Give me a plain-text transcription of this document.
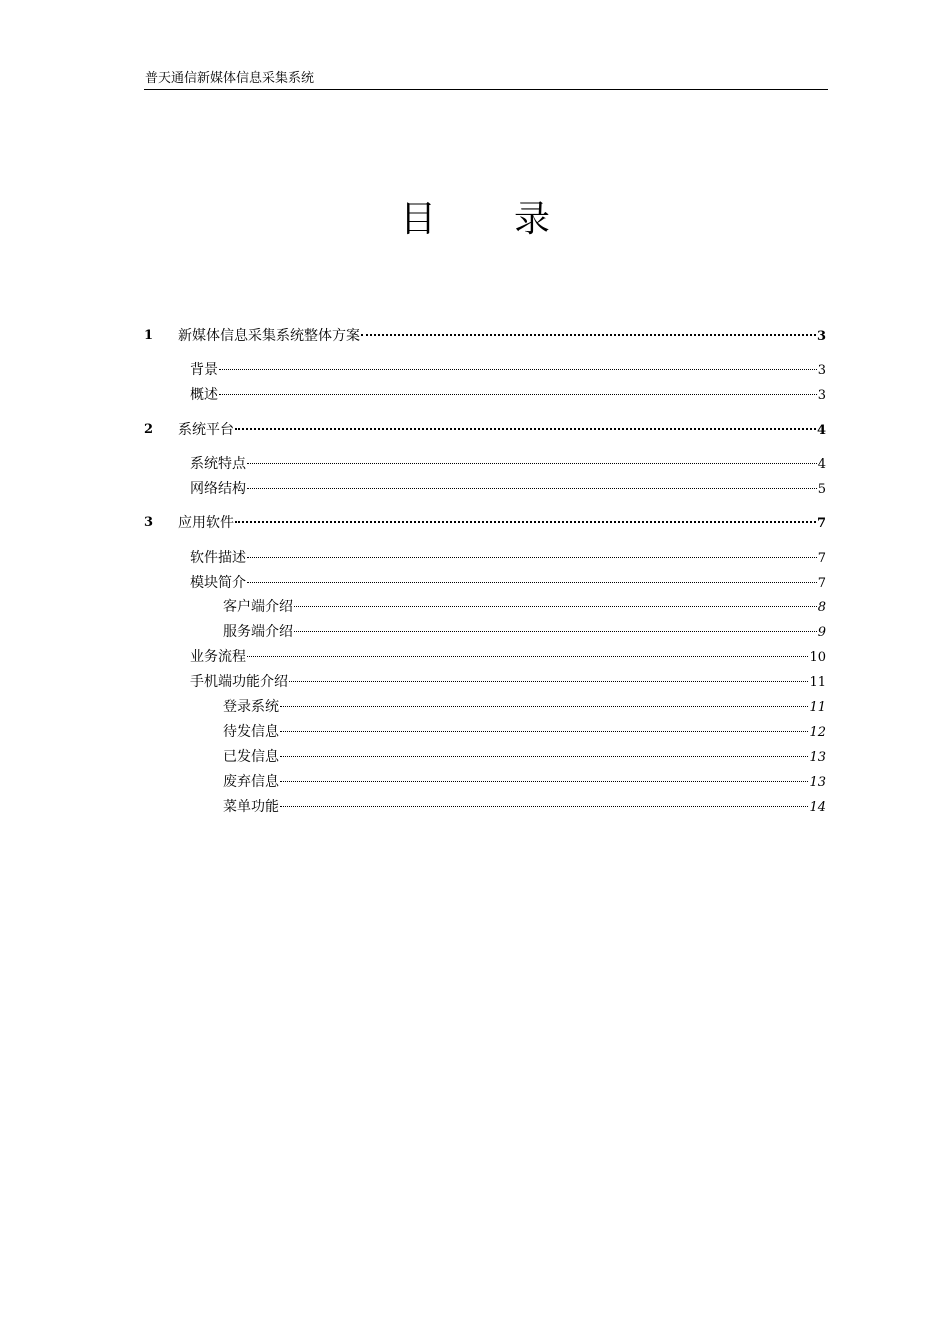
普天通信新媒体信息采集系统
目 录
1 新媒体信息采集系统整体方案	3
背景	3
概述	3
2 系统平台	4
系统特点	4
网络结构	5
3 应用软件	7
软件描述	7
模块简介	7
客户端介绍	8
服务端介绍	9
业务流程	10
手机端功能介绍	11
登录系统	11
待发信息	12
已发信息	13
废弃信息	13
菜单功能	14
